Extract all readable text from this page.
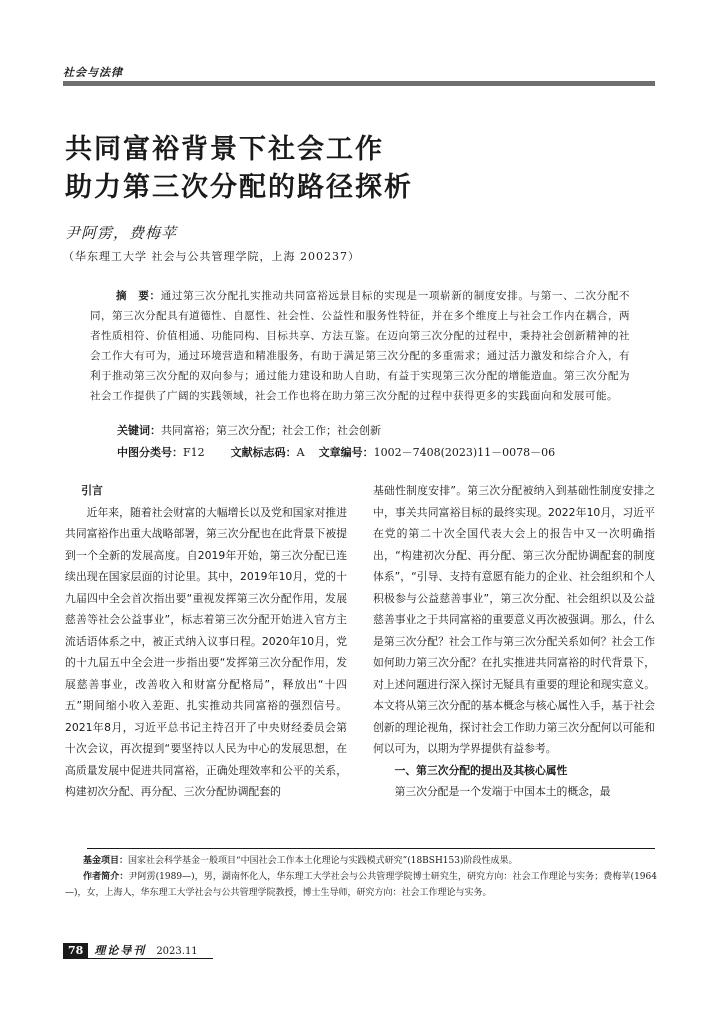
社会与法律
共同富裕背景下社会工作
助力第三次分配的路径探析
尹阿雳，费梅苹
（华东理工大学 社会与公共管理学院，上海 200237）
摘　要：通过第三次分配扎实推动共同富裕远景目标的实现是一项崭新的制度安排。与第一、二次分配不同，第三次分配具有道德性、自愿性、社会性、公益性和服务性特征，并在多个维度上与社会工作内在耦合，两者性质相符、价值相通、功能同构、目标共享、方法互鉴。在迈向第三次分配的过程中，秉持社会创新精神的社会工作大有可为，通过环境营造和精准服务，有助于满足第三次分配的多重需求；通过活力激发和综合介入，有利于推动第三次分配的双向参与；通过能力建设和助人自助，有益于实现第三次分配的增能造血。第三次分配为社会工作提供了广阔的实践领域，社会工作也将在助力第三次分配的过程中获得更多的实践面向和发展可能。
关键词：共同富裕；第三次分配；社会工作；社会创新
中图分类号：F12 文献标志码：A 文章编号：1002－7408(2023)11－0078－06

引言

近年来，随着社会财富的大幅增长以及党和国家对推进共同富裕作出重大战略部署，第三次分配也在此背景下被提到一个全新的发展高度。自2019年开始，第三次分配已连续出现在国家层面的讨论里。其中，2019年10月，党的十九届四中全会首次指出要“重视发挥第三次分配作用，发展慈善等社会公益事业”，标志着第三次分配开始进入官方主流话语体系之中，被正式纳入议事日程。2020年10月，党的十九届五中全会进一步指出要“发挥第三次分配作用，发展慈善事业，改善收入和财富分配格局”，释放出“十四五”期间缩小收入差距、扎实推动共同富裕的强烈信号。2021年8月，习近平总书记主持召开了中央财经委员会第十次会议，再次提到“要坚持以人民为中心的发展思想，在高质量发展中促进共同富裕，正确处理效率和公平的关系，构建初次分配、再分配、三次分配协调配套的

基础性制度安排”。第三次分配被纳入到基础性制度安排之中，事关共同富裕目标的最终实现。2022年10月，习近平在党的第二十次全国代表大会上的报告中又一次明确指出，“构建初次分配、再分配、第三次分配协调配套的制度体系”，“引导、支持有意愿有能力的企业、社会组织和个人积极参与公益慈善事业”，第三次分配、社会组织以及公益慈善事业之于共同富裕的重要意义再次被强调。那么，什么是第三次分配？社会工作与第三次分配关系如何？社会工作如何助力第三次分配？在扎实推进共同富裕的时代背景下，对上述问题进行深入探讨无疑具有重要的理论和现实意义。本文将从第三次分配的基本概念与核心属性入手，基于社会创新的理论视角，探讨社会工作助力第三次分配何以可能和何以可为，以期为学界提供有益参考。

一、第三次分配的提出及其核心属性

第三次分配是一个发端于中国本土的概念，最

基金项目：国家社会科学基金一般项目“中国社会工作本土化理论与实践模式研究”(18BSH153)阶段性成果。

作者简介：尹阿雳(1989—)，男，湖南怀化人，华东理工大学社会与公共管理学院博士研究生，研究方向：社会工作理论与实务；费梅苹(1964—)，女，上海人，华东理工大学社会与公共管理学院教授，博士生导师，研究方向：社会工作理论与实务。

78 理论导刊 2023.11
